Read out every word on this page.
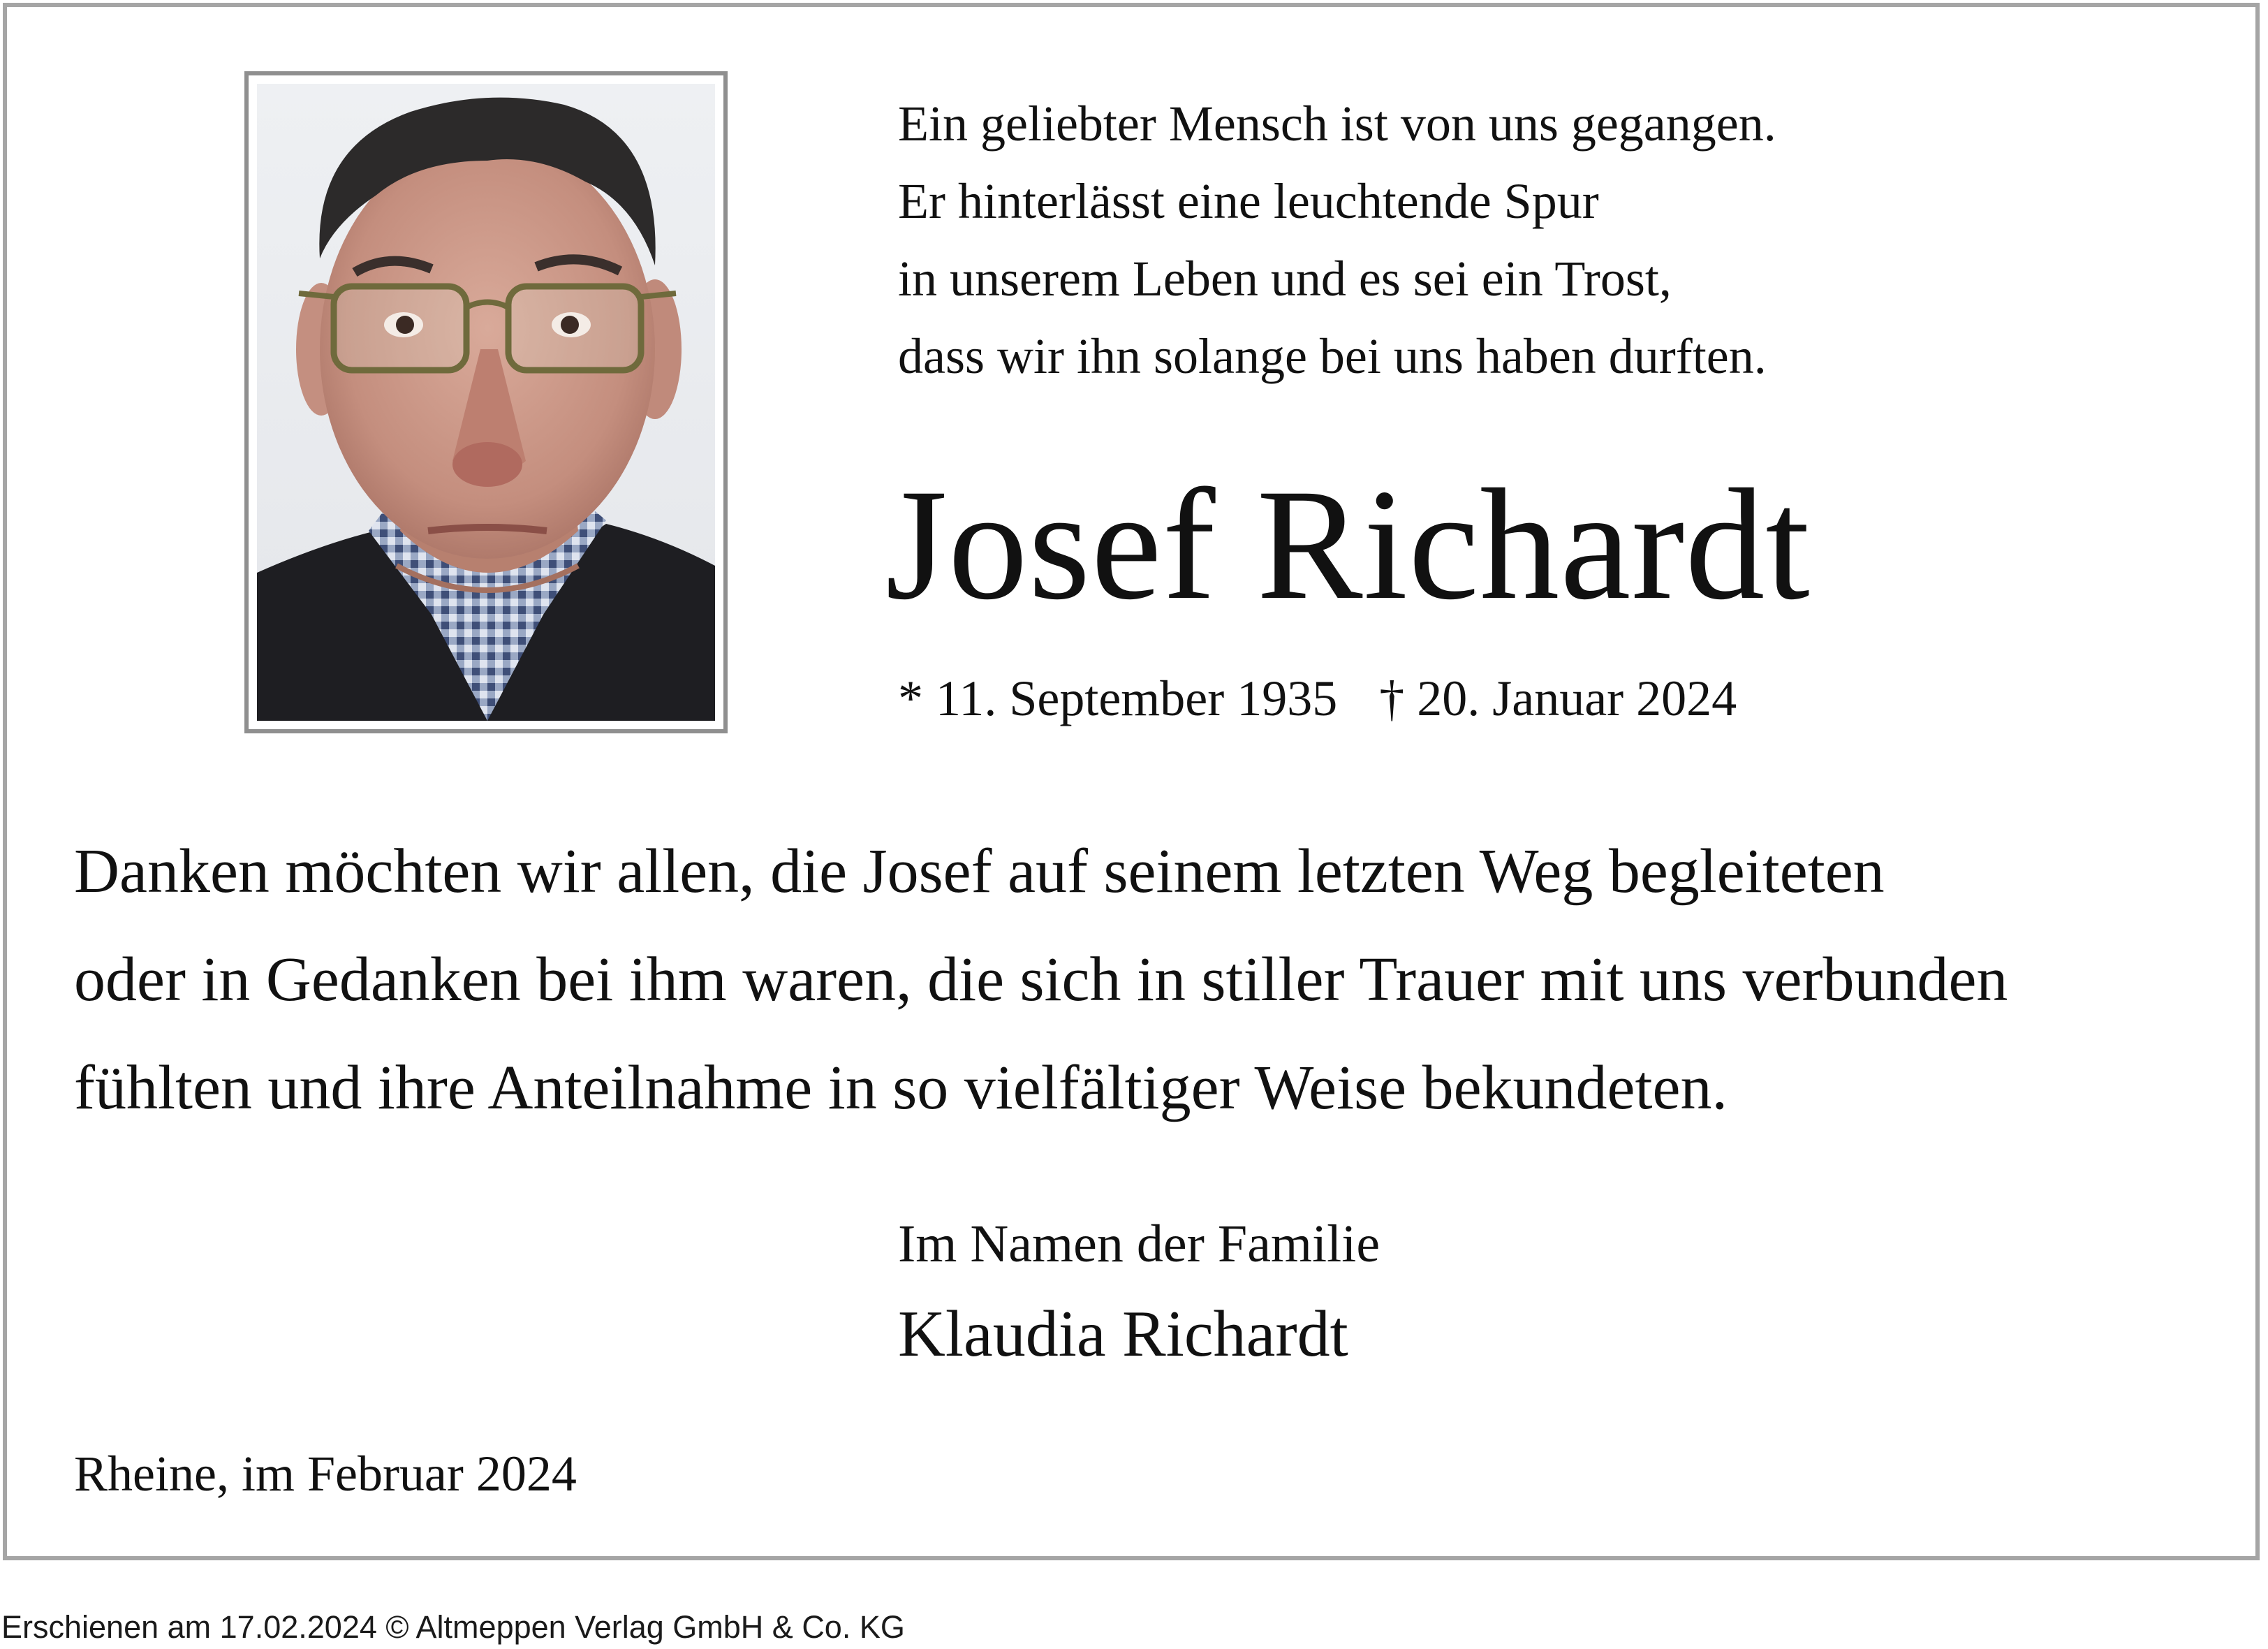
Ein geliebter Mensch ist von uns gegangen.
Er hinterlässt eine leuchtende Spur
in unserem Leben und es sei ein Trost,
dass wir ihn solange bei uns haben durften.
Josef Richardt
* 11. September 1935 † 20. Januar 2024
Danken möchten wir allen, die Josef auf seinem letzten Weg begleiteten
oder in Gedanken bei ihm waren, die sich in stiller Trauer mit uns verbunden
fühlten und ihre Anteilnahme in so vielfältiger Weise bekundeten.
Im Namen der Familie
Klaudia Richardt
Rheine, im Februar 2024
Erschienen am 17.02.2024 © Altmeppen Verlag GmbH & Co. KG
